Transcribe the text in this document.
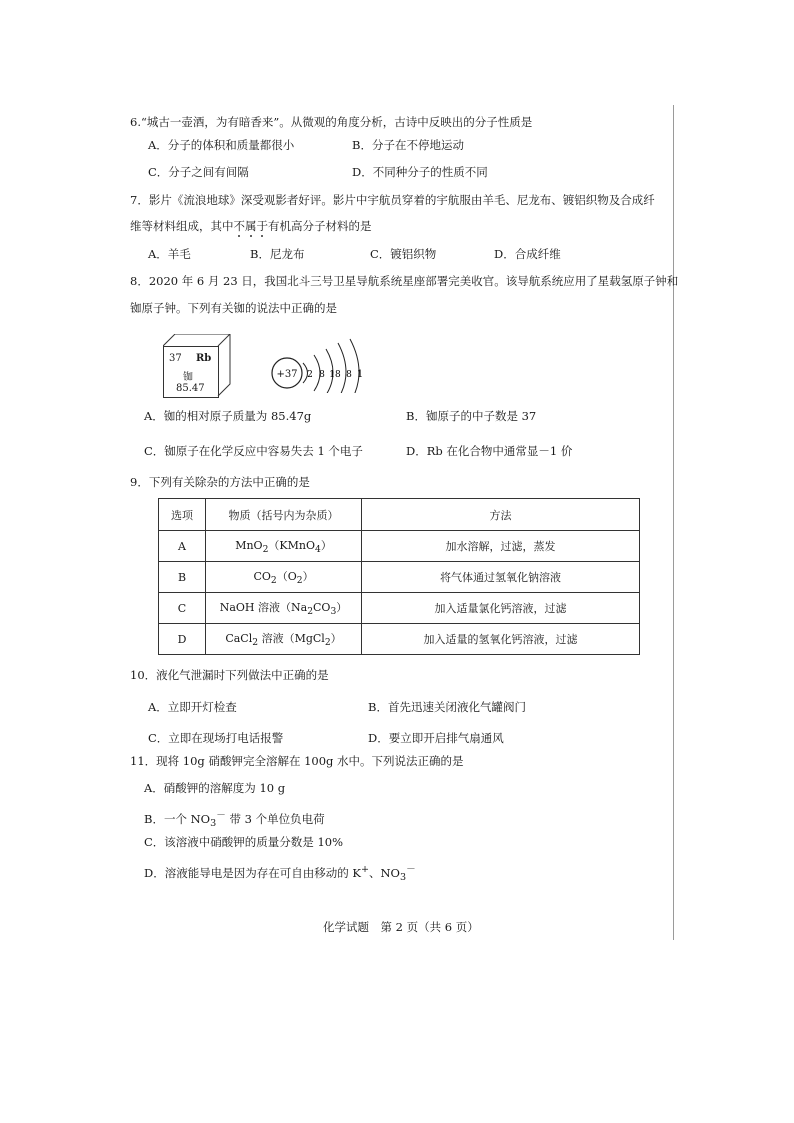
6.“城古一壶酒，为有暗香来”。从微观的角度分析，古诗中反映出的分子性质是
A．分子的体积和质量都很小	B．分子在不停地运动
C．分子之间有间隔	D．不同种分子的性质不同
7．影片《流浪地球》深受观影者好评。影片中宇航员穿着的宇航服由羊毛、尼龙布、镀铝织物及合成纤
维等材料组成，其中不属于有机高分子材料的是
A．羊毛	B．尼龙布	C．镀铝织物	D．合成纤维
8．2020 年 6 月 23 日，我国北斗三号卫星导航系统星座部署完美收官。该导航系统应用了星载氢原子钟和
铷原子钟。下列有关铷的说法中正确的是
37 Rb
铷
85.47
+37 2 8 18 8 1
A．铷的相对原子质量为 85.47g	B．铷原子的中子数是 37
C．铷原子在化学反应中容易失去 1 个电子	D．Rb 在化合物中通常显－1 价
9．下列有关除杂的方法中正确的是
选项	物质（括号内为杂质）	方法
A	MnO$_2$（KMnO$_4$）	加水溶解，过滤，蒸发
B	$CO_2(O_2)$	将气体通过氢氧化钠溶液
C	NaOH 溶液$(Na_2CO_3)$	加入适量氯化钙溶液，过滤
D	CaCl$_2$ 溶液（MgCl$_2$）	加入适量的氢氧化钙溶液，过滤
10．液化气泄漏时下列做法中正确的是
A．立即开灯检查	B．首先迅速关闭液化气罐阀门
C．立即在现场打电话报警	D．要立即开启排气扇通风
11．现将 10g 硝酸钾完全溶解在 100g 水中。下列说法正确的是
A．硝酸钾的溶解度为 10 g
B．一个 $NO_3^-$ 带 3 个单位负电荷
C．该溶液中硝酸钾的质量分数是 10%
D．溶液能导电是因为存在可自由移动的 K+、$NO_3^-$
化学试题　第 2 页（共 6 页）
